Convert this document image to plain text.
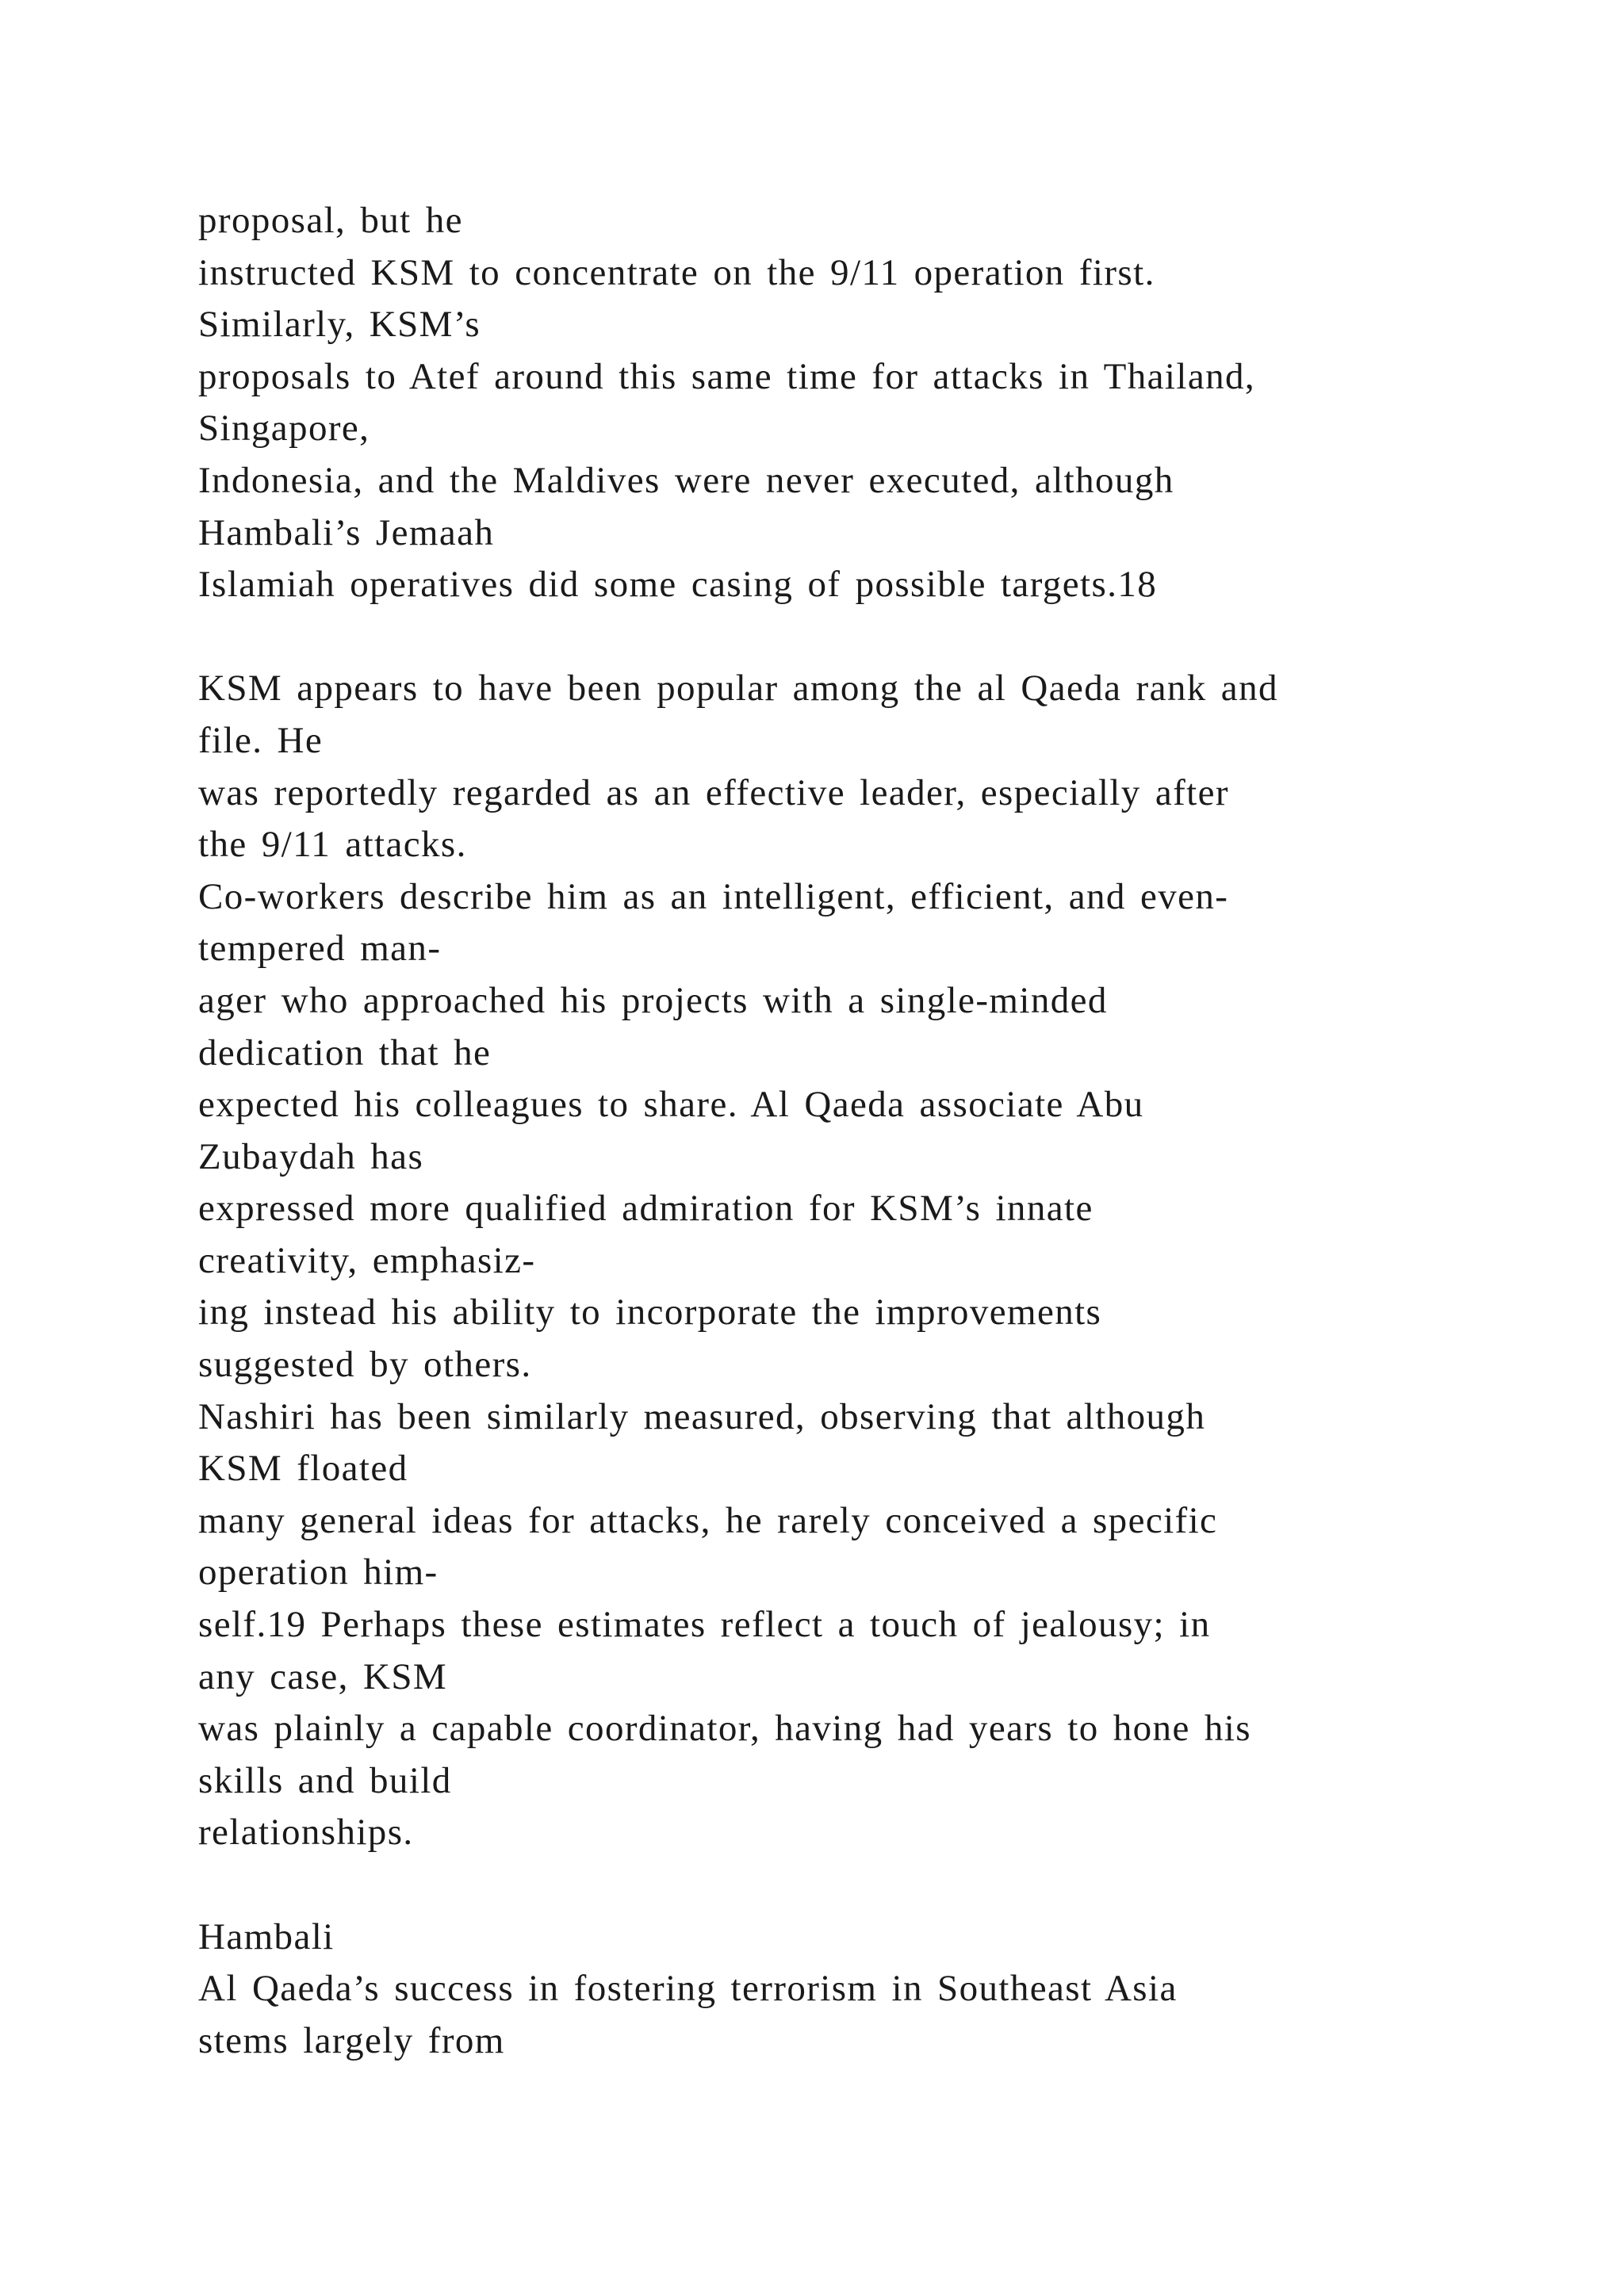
proposal, but he
instructed KSM to concentrate on the 9/11 operation first.
Similarly, KSM’s
proposals to Atef around this same time for attacks in Thailand,
Singapore,
Indonesia, and the Maldives were never executed, although
Hambali’s Jemaah
Islamiah operatives did some casing of possible targets.18
KSM appears to have been popular among the al Qaeda rank and
file. He
was reportedly regarded as an effective leader, especially after
the 9/11 attacks.
Co-workers describe him as an intelligent, efficient, and even-
tempered man-
ager who approached his projects with a single-minded
dedication that he
expected his colleagues to share. Al Qaeda associate Abu
Zubaydah has
expressed more qualified admiration for KSM’s innate
creativity, emphasiz-
ing instead his ability to incorporate the improvements
suggested by others.
Nashiri has been similarly measured, observing that although
KSM floated
many general ideas for attacks, he rarely conceived a specific
operation him-
self.19 Perhaps these estimates reflect a touch of jealousy; in
any case, KSM
was plainly a capable coordinator, having had years to hone his
skills and build
relationships.
Hambali
Al Qaeda’s success in fostering terrorism in Southeast Asia
stems largely from
